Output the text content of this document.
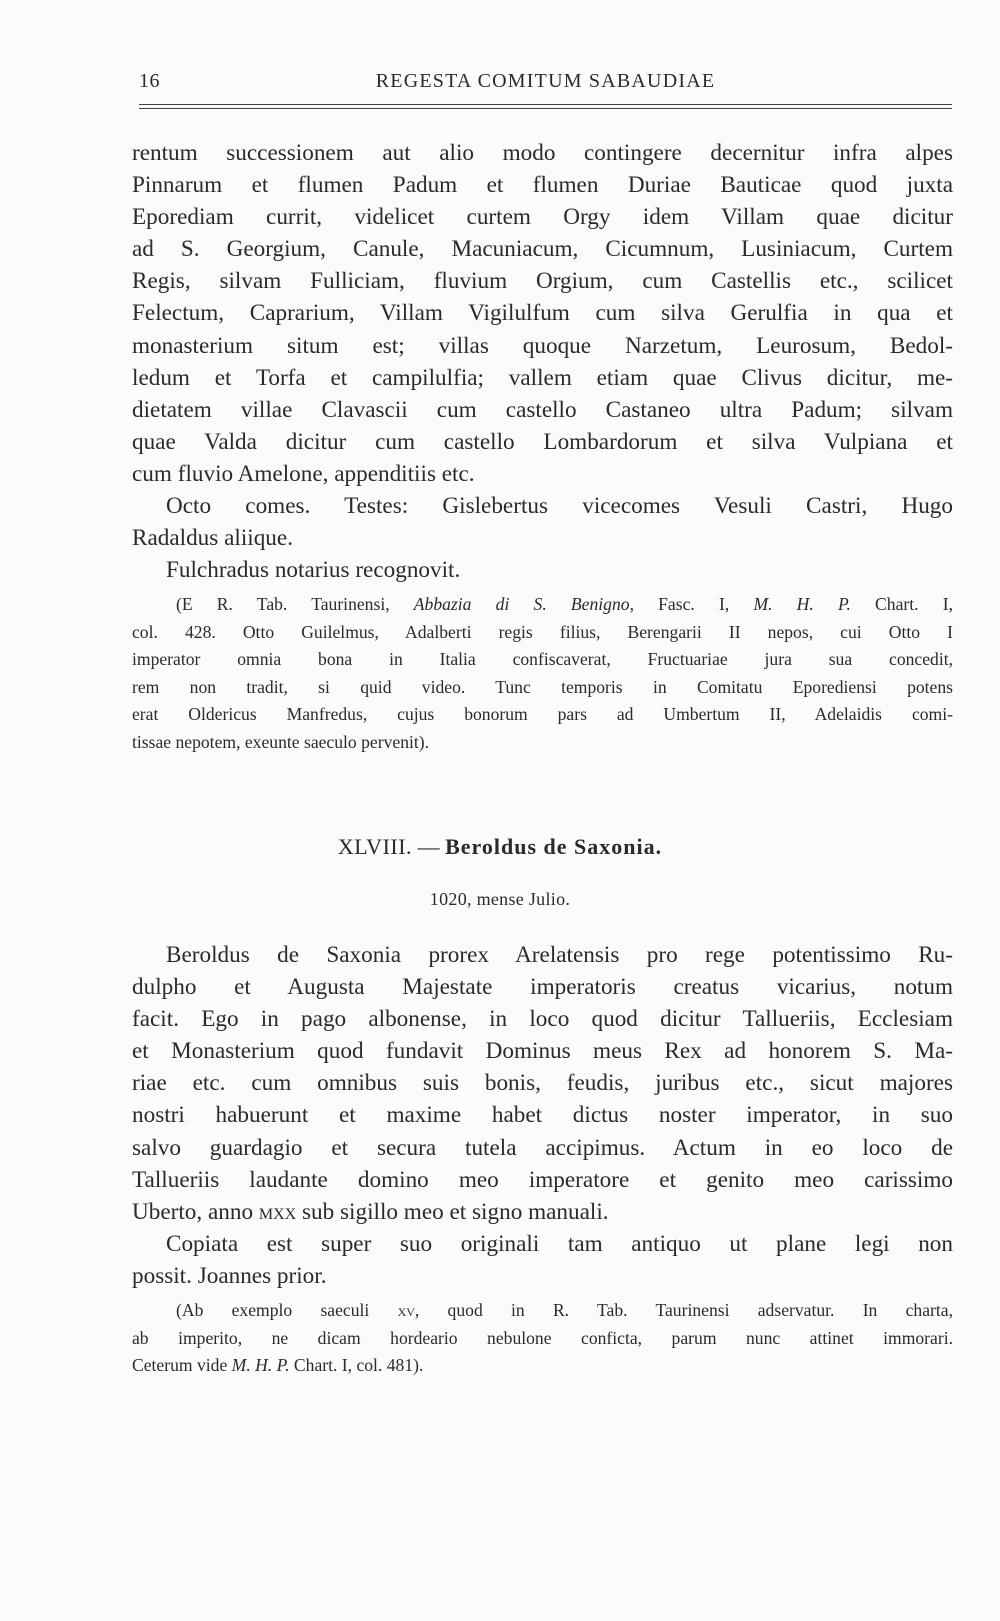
16	REGESTA COMITUM SABAUDIAE
rentum successionem aut alio modo contingere decernitur infra alpes
Pinnarum et flumen Padum et flumen Duriae Bauticae quod juxta
Eporediam currit, videlicet curtem Orgy idem Villam quae dicitur
ad S. Georgium, Canule, Macuniacum, Cicumnum, Lusiniacum, Curtem
Regis, silvam Fulliciam, fluvium Orgium, cum Castellis etc., scilicet
Felectum, Caprarium, Villam Vigilulfum cum silva Gerulfia in qua et
monasterium situm est; villas quoque Narzetum, Leurosum, Bedol-
ledum et Torfa et campilulfia; vallem etiam quae Clivus dicitur, me-
dietatem villae Clavascii cum castello Castaneo ultra Padum; silvam
quae Valda dicitur cum castello Lombardorum et silva Vulpiana et
cum fluvio Amelone, appenditiis etc.
Octo comes. Testes: Gislebertus vicecomes Vesuli Castri, Hugo
Radaldus aliique.
Fulchradus notarius recognovit.
(E R. Tab. Taurinensi, Abbazia di S. Benigno, Fasc. I, M. H. P. Chart. I,
col. 428. Otto Guilelmus, Adalberti regis filius, Berengarii II nepos, cui Otto I
imperator omnia bona in Italia confiscaverat, Fructuariae jura sua concedit,
rem non tradit, si quid video. Tunc temporis in Comitatu Eporediensi potens
erat Oldericus Manfredus, cujus bonorum pars ad Umbertum II, Adelaidis comi-
tissae nepotem, exeunte saeculo pervenit).
XLVIII. — Beroldus de Saxonia.
1020, mense Julio.
Beroldus de Saxonia prorex Arelatensis pro rege potentissimo Ru-
dulpho et Augusta Majestate imperatoris creatus vicarius, notum
facit. Ego in pago albonense, in loco quod dicitur Tallueriis, Ecclesiam
et Monasterium quod fundavit Dominus meus Rex ad honorem S. Ma-
riae etc. cum omnibus suis bonis, feudis, juribus etc., sicut majores
nostri habuerunt et maxime habet dictus noster imperator, in suo
salvo guardagio et secura tutela accipimus. Actum in eo loco de
Tallueriis laudante domino meo imperatore et genito meo carissimo
Uberto, anno mxx sub sigillo meo et signo manuali.
Copiata est super suo originali tam antiquo ut plane legi non
possit. Joannes prior.
(Ab exemplo saeculi xv, quod in R. Tab. Taurinensi adservatur. In charta,
ab imperito, ne dicam hordeario nebulone conficta, parum nunc attinet immorari.
Ceterum vide M. H. P. Chart. I, col. 481).
